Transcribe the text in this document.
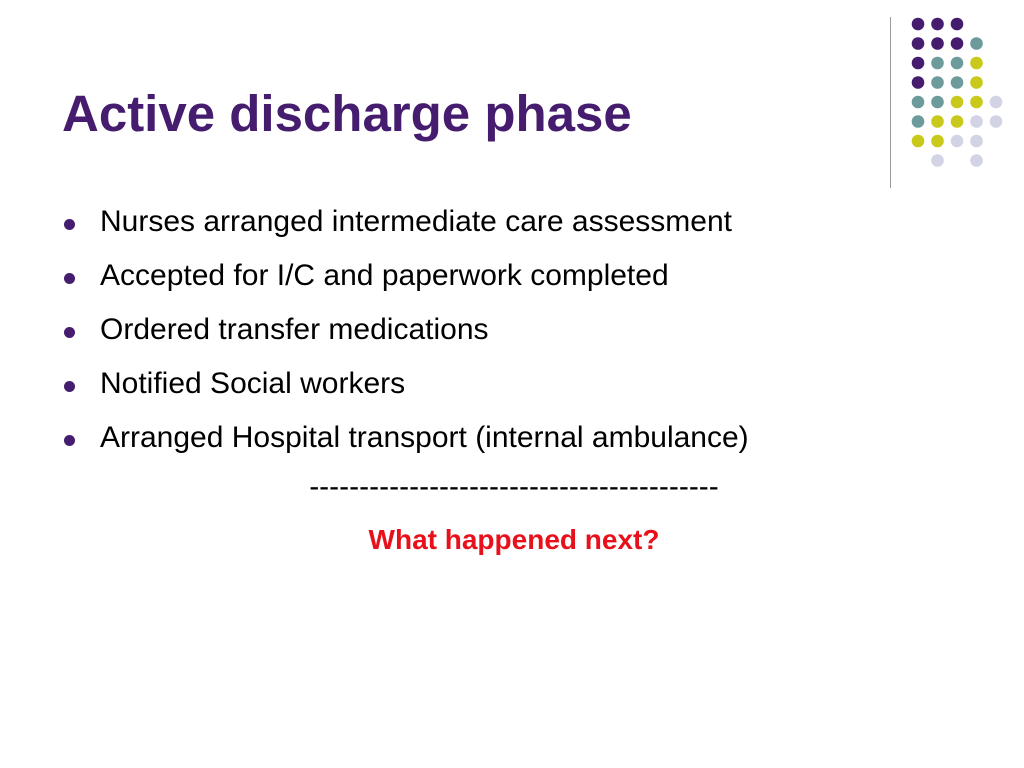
Active discharge phase
Nurses arranged intermediate care assessment
Accepted for I/C and paperwork completed
Ordered transfer medications
Notified Social workers
Arranged Hospital transport (internal ambulance)
-----------------------------------------
What happened next?
